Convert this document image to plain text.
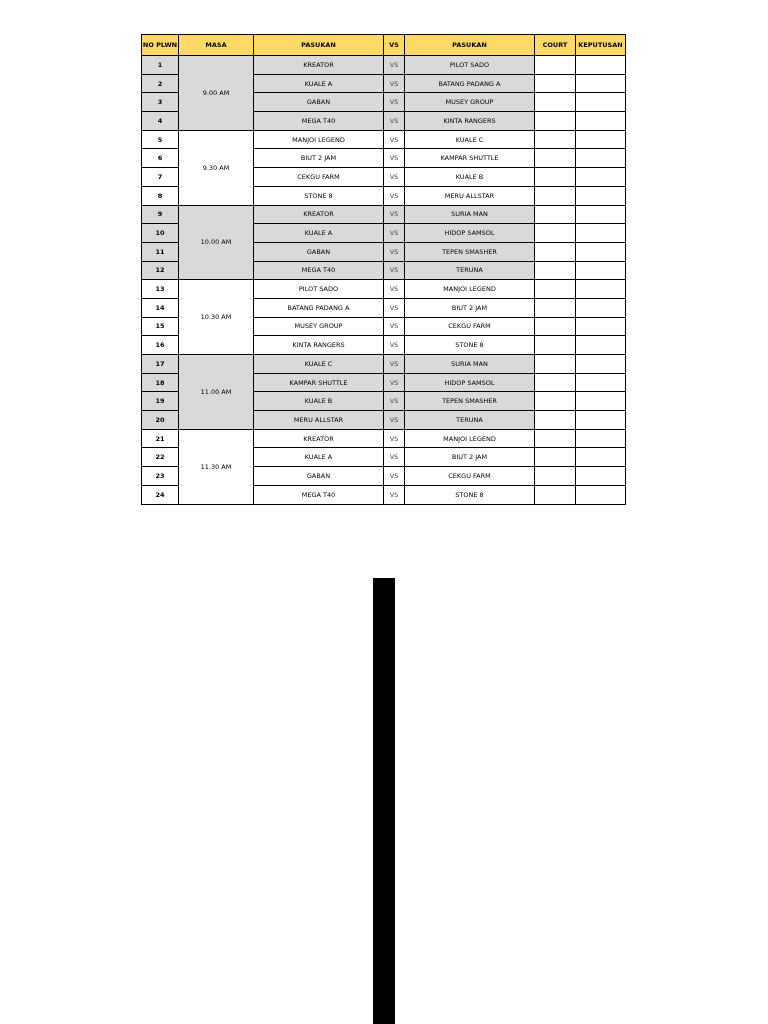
NO PLWN	MASA	PASUKAN	VS	PASUKAN	COURT	KEPUTUSAN
1	9.00 AM	KREATOR	VS	PILOT SADO		
2		KUALE A	VS	BATANG PADANG A		
3		GABAN	VS	MUSEY GROUP		
4		MEGA T40	VS	KINTA RANGERS		
5	9.30 AM	MANJOI LEGEND	VS	KUALE C		
6		BIUT 2 JAM	VS	KAMPAR SHUTTLE		
7		CEKGU FARM	VS	KUALE B		
8		STONE 8	VS	MERU ALLSTAR		
9	10.00 AM	KREATOR	VS	SURIA MAN		
10		KUALE A	VS	HIDOP SAMSOL		
11		GABAN	VS	TEPEN SMASHER		
12		MEGA T40	VS	TERUNA		
13	10.30 AM	PILOT SADO	VS	MANJOI LEGEND		
14		BATANG PADANG A	VS	BIUT 2 JAM		
15		MUSEY GROUP	VS	CEKGU FARM		
16		KINTA RANGERS	VS	STONE 8		
17	11.00 AM	KUALE C	VS	SURIA MAN		
18		KAMPAR SHUTTLE	VS	HIDOP SAMSOL		
19		KUALE B	VS	TEPEN SMASHER		
20		MERU ALLSTAR	VS	TERUNA		
21	11.30 AM	KREATOR	VS	MANJOI LEGEND		
22		KUALE A	VS	BIUT 2 JAM		
23		GABAN	VS	CEKGU FARM		
24		MEGA T40	VS	STONE 8		
